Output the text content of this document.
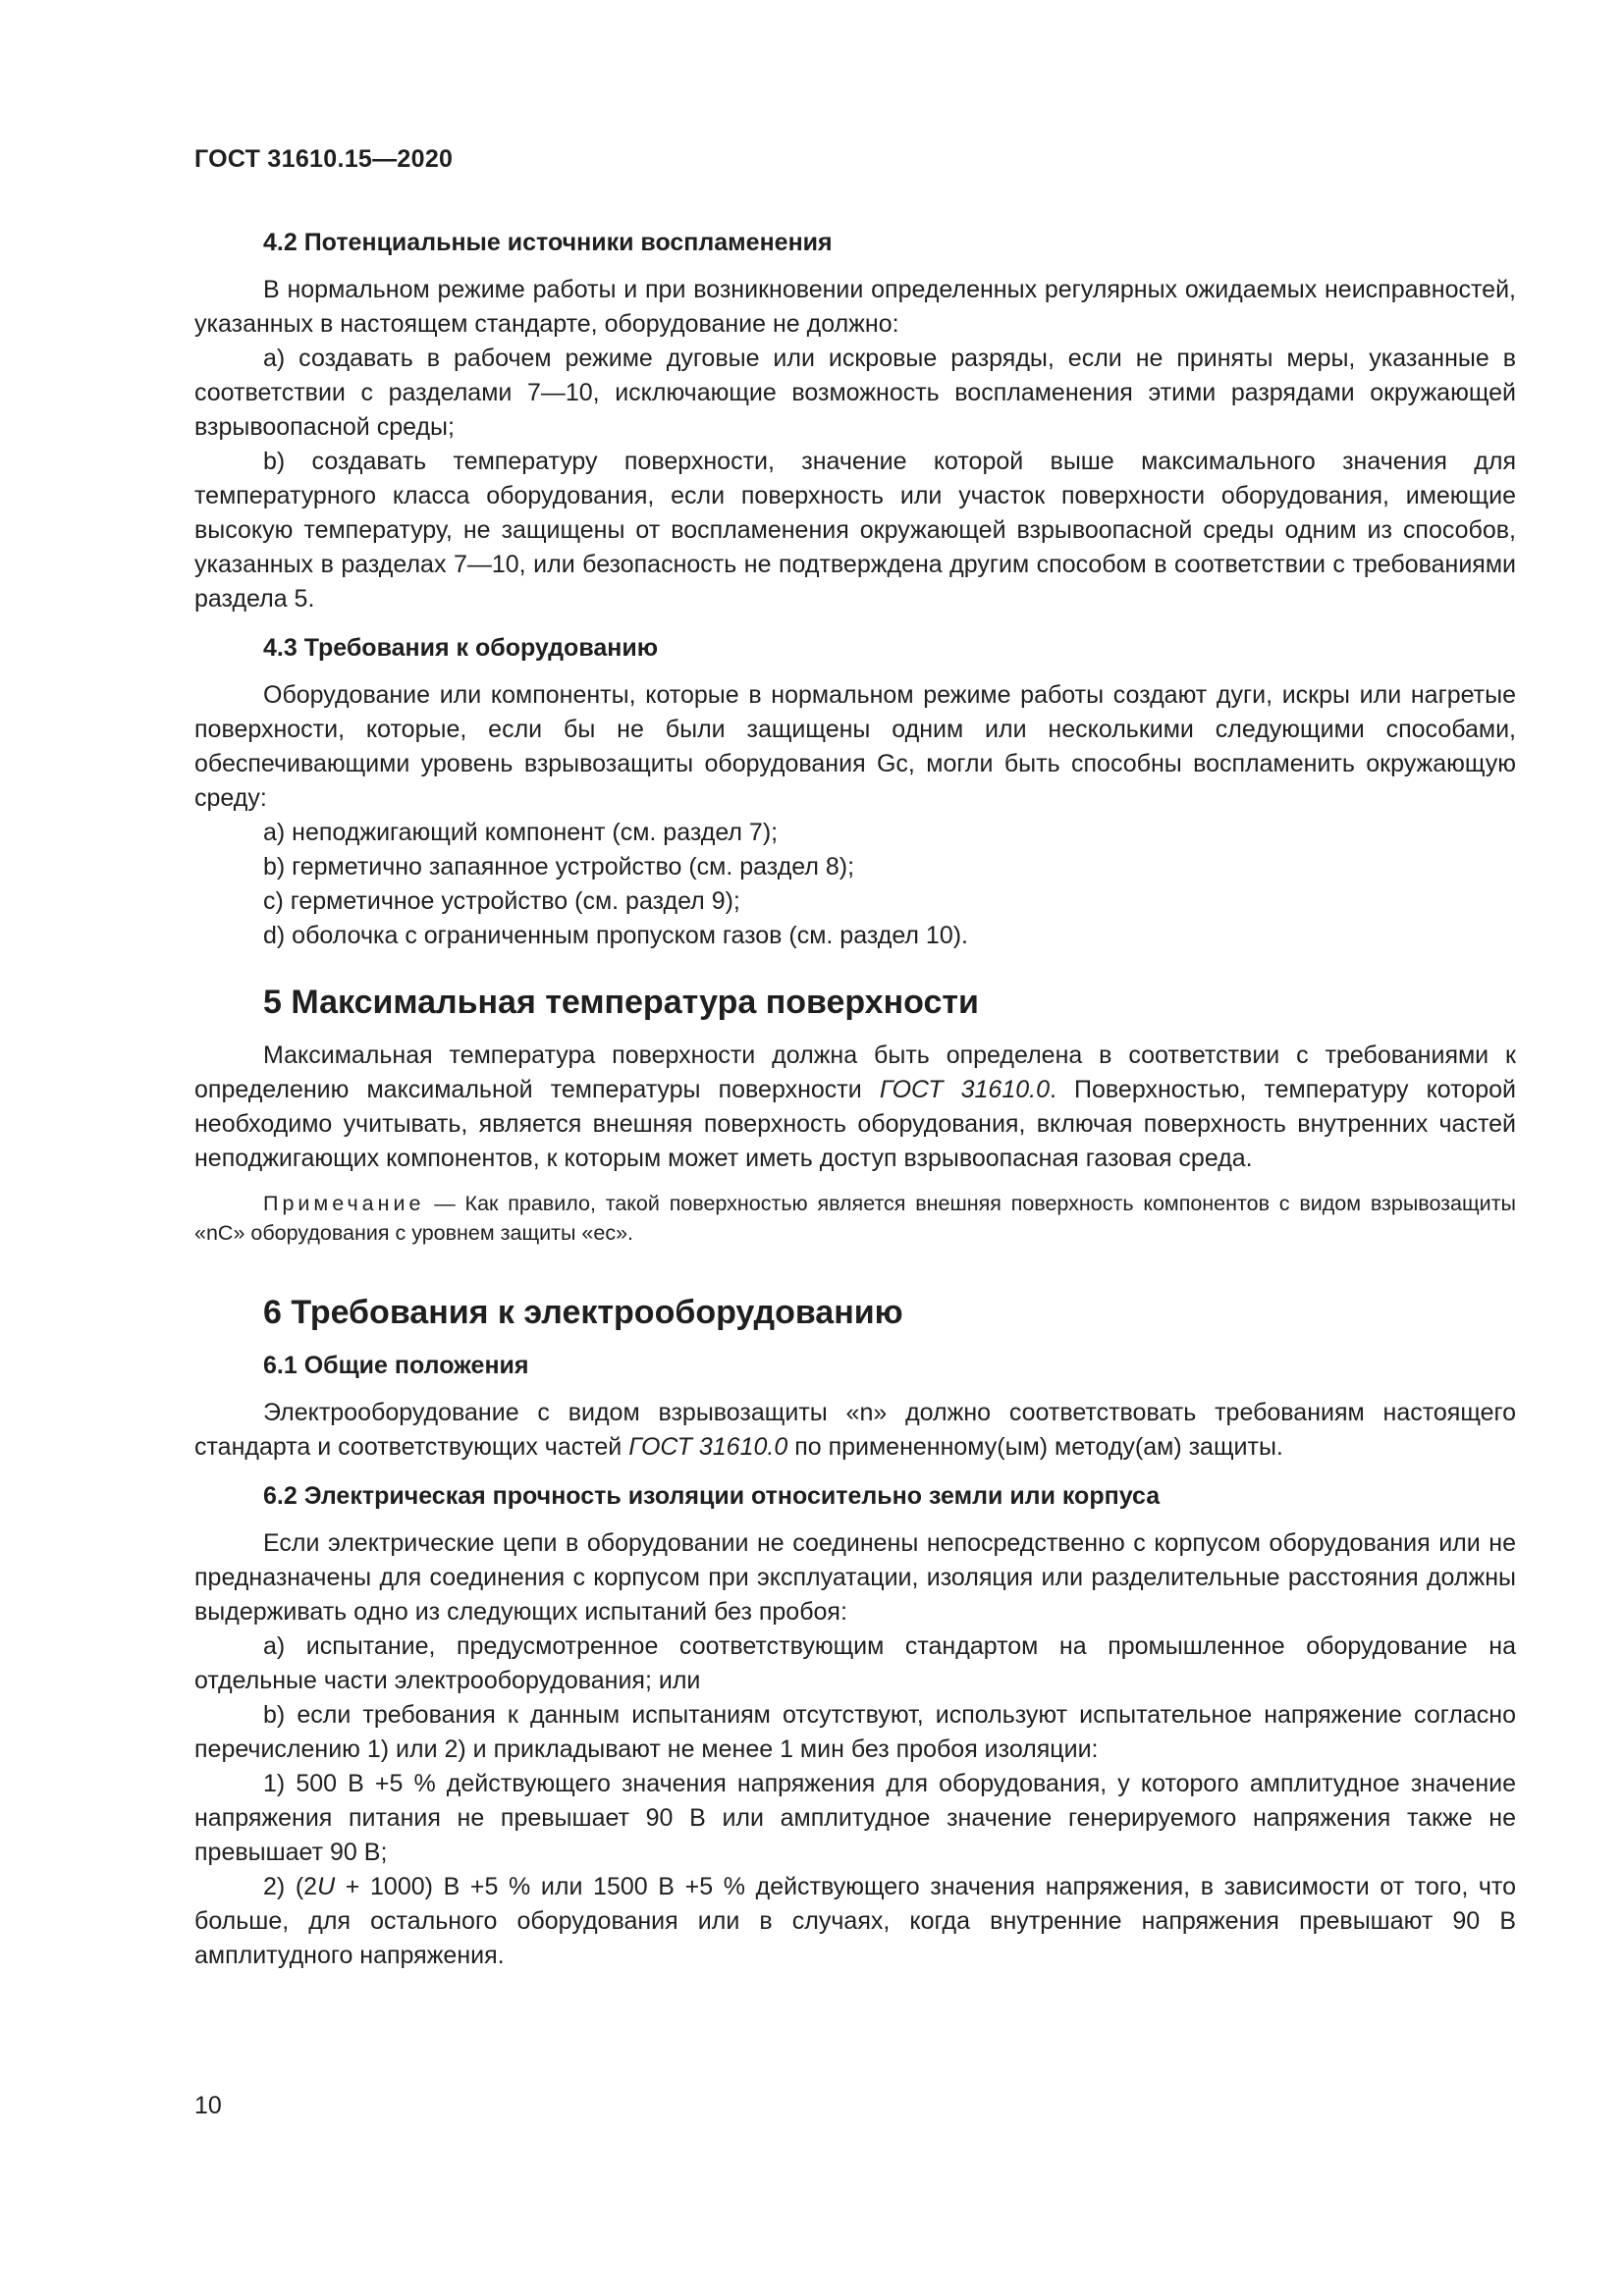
ГОСТ 31610.15—2020
4.2 Потенциальные источники воспламенения

В нормальном режиме работы и при возникновении определенных регулярных ожидаемых неисправностей, указанных в настоящем стандарте, оборудование не должно:

a) создавать в рабочем режиме дуговые или искровые разряды, если не приняты меры, указанные в соответствии с разделами 7—10, исключающие возможность воспламенения этими разрядами окружающей взрывоопасной среды;

b) создавать температуру поверхности, значение которой выше максимального значения для температурного класса оборудования, если поверхность или участок поверхности оборудования, имеющие высокую температуру, не защищены от воспламенения окружающей взрывоопасной среды одним из способов, указанных в разделах 7—10, или безопасность не подтверждена другим способом в соответствии с требованиями раздела 5.

4.3 Требования к оборудованию

Оборудование или компоненты, которые в нормальном режиме работы создают дуги, искры или нагретые поверхности, которые, если бы не были защищены одним или несколькими следующими способами, обеспечивающими уровень взрывозащиты оборудования Gc, могли быть способны воспламенить окружающую среду:

a) неподжигающий компонент (см. раздел 7);
b) герметично запаянное устройство (см. раздел 8);
c) герметичное устройство (см. раздел 9);
d) оболочка с ограниченным пропуском газов (см. раздел 10).
5 Максимальная температура поверхности

Максимальная температура поверхности должна быть определена в соответствии с требованиями к определению максимальной температуры поверхности ГОСТ 31610.0. Поверхностью, температуру которой необходимо учитывать, является внешняя поверхность оборудования, включая поверхность внутренних частей неподжигающих компонентов, к которым может иметь доступ взрывоопасная газовая среда.

Примечание — Как правило, такой поверхностью является внешняя поверхность компонентов с видом взрывозащиты «nC» оборудования с уровнем защиты «ec».

6 Требования к электрооборудованию
6.1 Общие положения

Электрооборудование с видом взрывозащиты «n» должно соответствовать требованиям настоящего стандарта и соответствующих частей ГОСТ 31610.0 по примененному(ым) методу(ам) защиты.

6.2 Электрическая прочность изоляции относительно земли или корпуса

Если электрические цепи в оборудовании не соединены непосредственно с корпусом оборудования или не предназначены для соединения с корпусом при эксплуатации, изоляция или разделительные расстояния должны выдерживать одно из следующих испытаний без пробоя:

a) испытание, предусмотренное соответствующим стандартом на промышленное оборудование на отдельные части электрооборудования; или

b) если требования к данным испытаниям отсутствуют, используют испытательное напряжение согласно перечислению 1) или 2) и прикладывают не менее 1 мин без пробоя изоляции:

1) 500 В +5 % действующего значения напряжения для оборудования, у которого амплитудное значение напряжения питания не превышает 90 В или амплитудное значение генерируемого напряжения также не превышает 90 В;

2) (2U + 1000) В +5 % или 1500 В +5 % действующего значения напряжения, в зависимости от того, что больше, для остального оборудования или в случаях, когда внутренние напряжения превышают 90 В амплитудного напряжения.

10
